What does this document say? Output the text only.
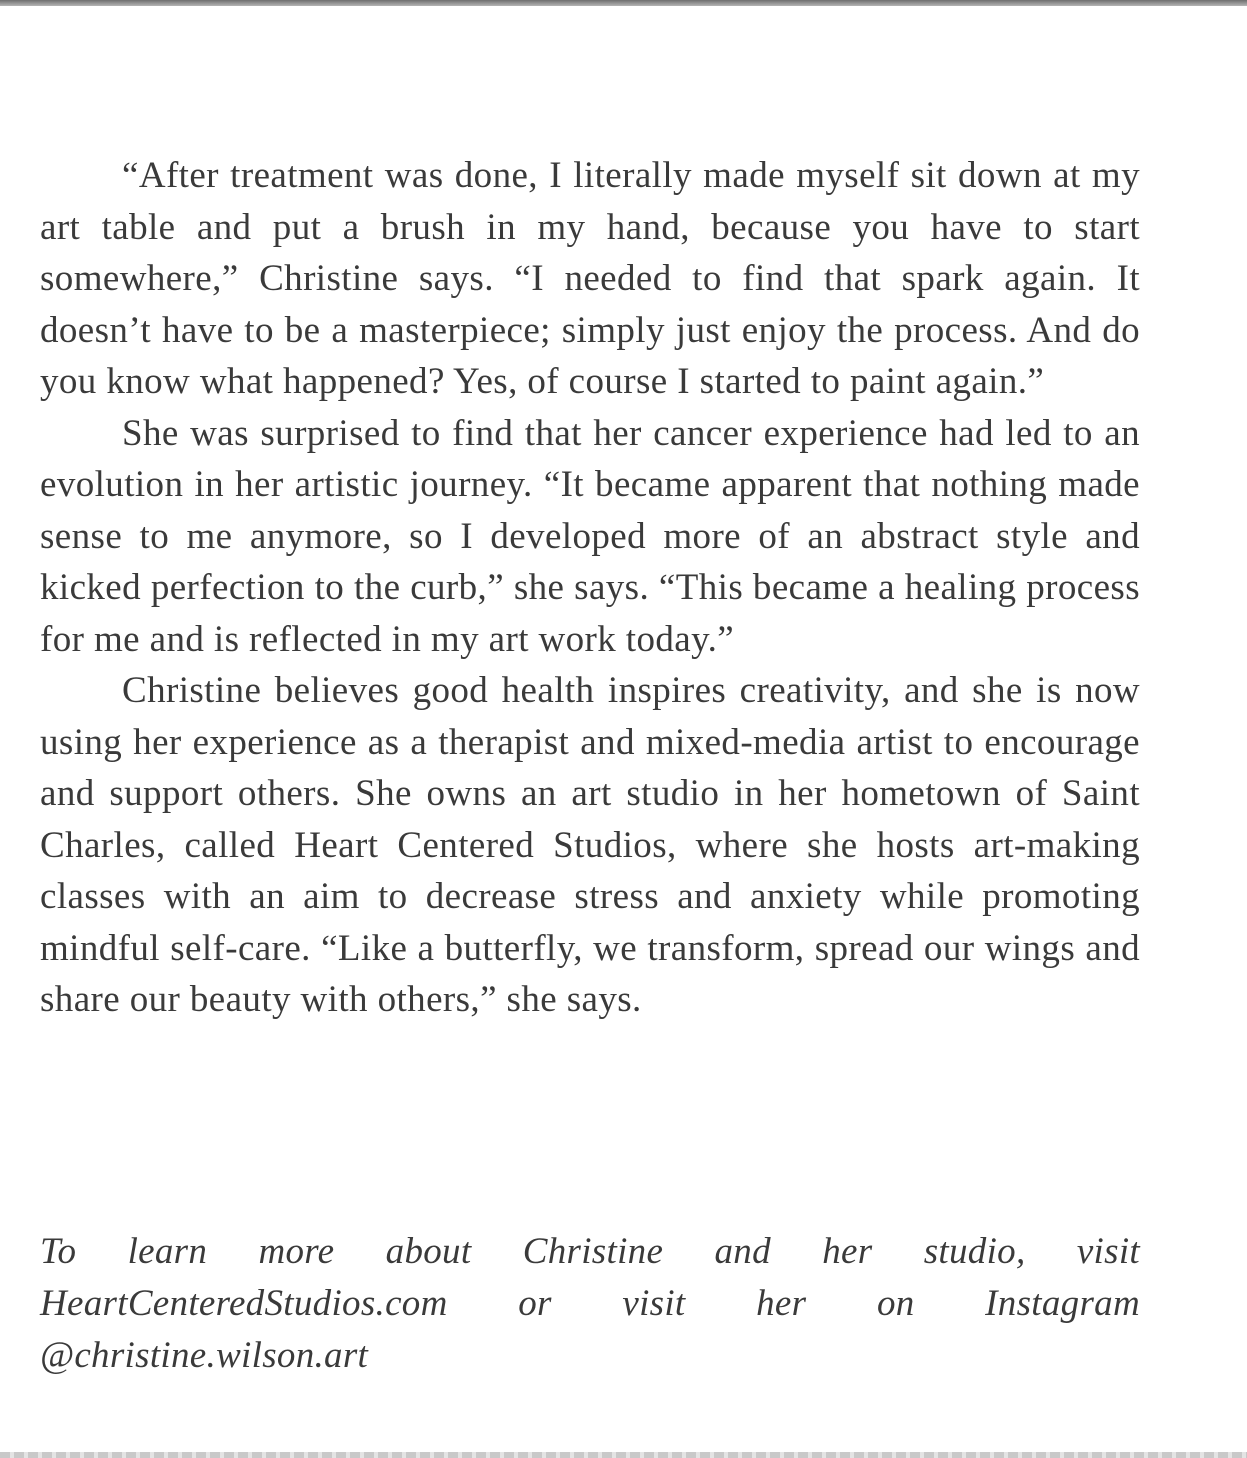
“After treatment was done, I literally made myself sit down at my art table and put a brush in my hand, because you have to start somewhere,” Christine says. “I needed to find that spark again. It doesn’t have to be a masterpiece; simply just enjoy the process. And do you know what happened? Yes, of course I started to paint again.”

She was surprised to find that her cancer experience had led to an evolution in her artistic journey. “It became apparent that nothing made sense to me anymore, so I developed more of an abstract style and kicked perfection to the curb,” she says. “This became a healing process for me and is reflected in my art work today.”

Christine believes good health inspires creativity, and she is now using her experience as a therapist and mixed-media artist to encourage and support others. She owns an art studio in her hometown of Saint Charles, called Heart Centered Studios, where she hosts art-making classes with an aim to decrease stress and anxiety while promoting mindful self-care. “Like a butterfly, we transform, spread our wings and share our beauty with others,” she says.

To learn more about Christine and her studio, visit HeartCenteredStudios.com or visit her on Instagram @christine.wilson.art
